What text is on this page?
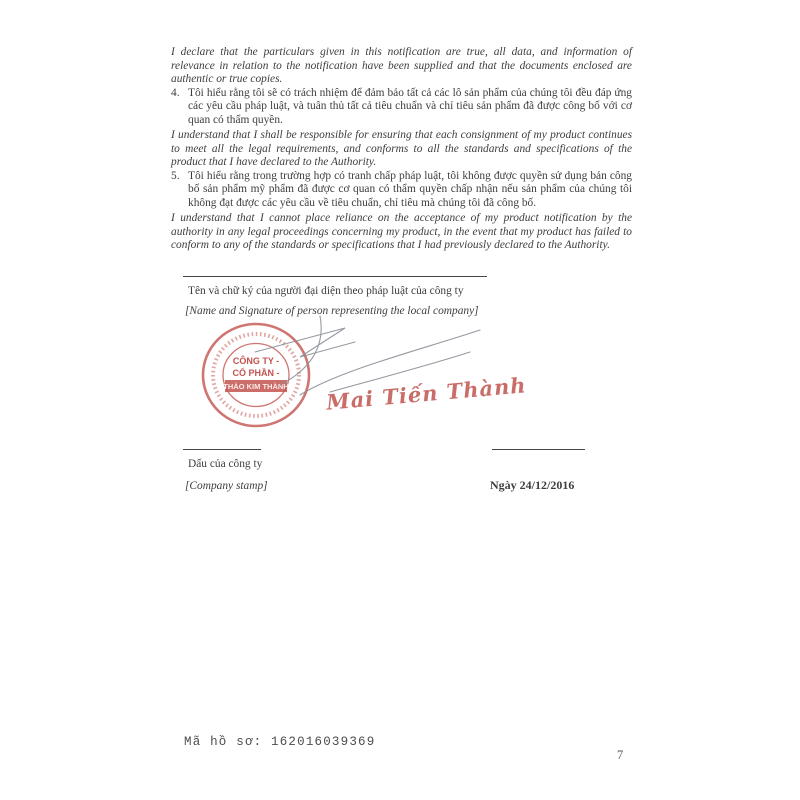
I declare that the particulars given in this notification are true, all data, and information of relevance in relation to the notification have been supplied and that the documents enclosed are authentic or true copies.

4. Tôi hiểu rằng tôi sẽ có trách nhiệm để đảm bảo tất cả các lô sản phẩm của chúng tôi đều đáp ứng các yêu cầu pháp luật, và tuân thủ tất cả tiêu chuẩn và chỉ tiêu sản phẩm đã được công bố với cơ quan có thẩm quyền.

I understand that I shall be responsible for ensuring that each consignment of my product continues to meet all the legal requirements, and conforms to all the standards and specifications of the product that I have declared to the Authority.

5. Tôi hiểu rằng trong trường hợp có tranh chấp pháp luật, tôi không được quyền sử dụng bản công bố sản phẩm mỹ phẩm đã được cơ quan có thẩm quyền chấp nhận nếu sản phẩm của chúng tôi không đạt được các yêu cầu về tiêu chuẩn, chỉ tiêu mà chúng tôi đã công bố.

I understand that I cannot place reliance on the acceptance of my product notification by the authority in any legal proceedings concerning my product, in the event that my product has failed to conform to any of the standards or specifications that I had previously declared to the Authority.

Tên và chữ ký của người đại diện theo pháp luật của công ty
[Name and Signature of person representing the local company]
CÔNG TY -
CỔ PHẦN -
THẢO KIM THÀNH Mai Tiến Thành
Dấu của công ty
[Company stamp]	Ngày 24/12/2016
Mã hồ sơ: 162016039369
7
